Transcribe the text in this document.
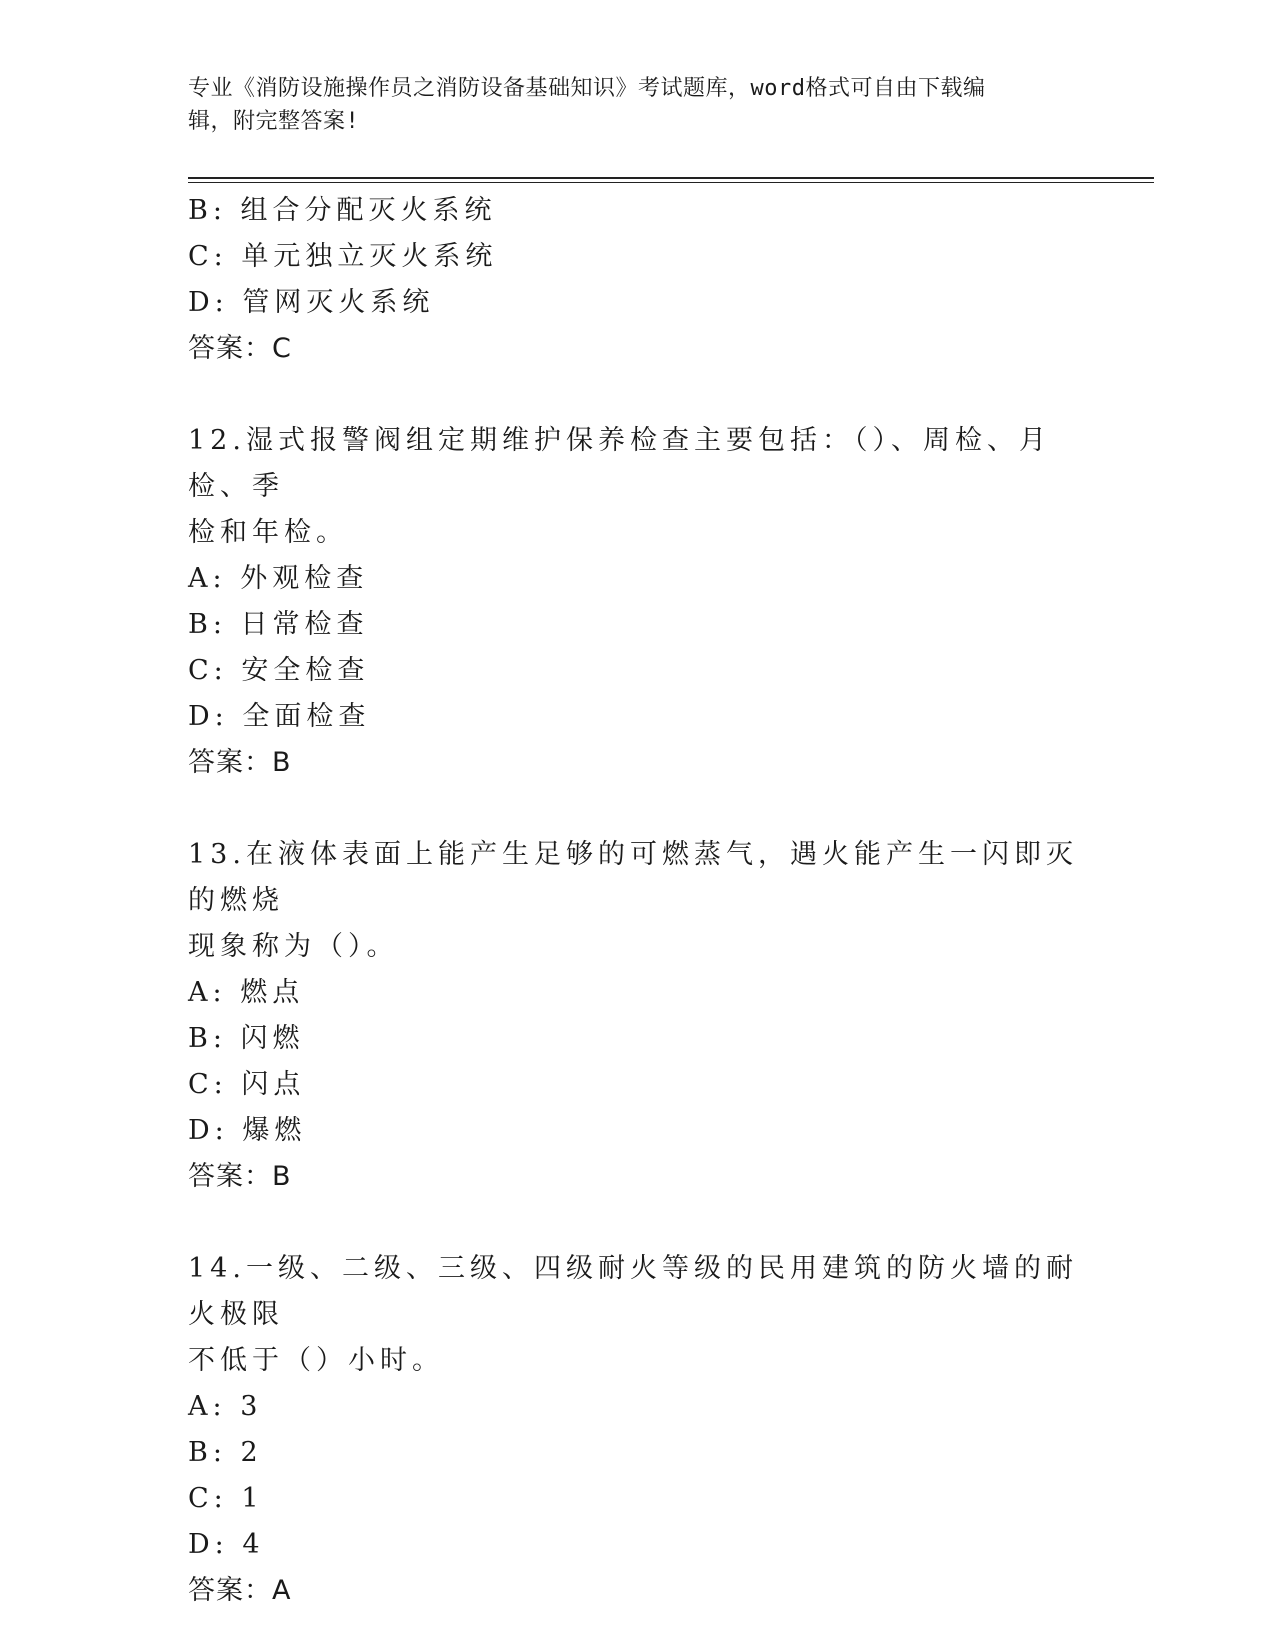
专业《消防设施操作员之消防设备基础知识》考试题库，word格式可自由下载编
辑，附完整答案!
B: 组合分配灭火系统
C: 单元独立灭火系统
D: 管网灭火系统
答案：C
12.湿式报警阀组定期维护保养检查主要包括：（）、周检、月检、季
检和年检。
A: 外观检查
B: 日常检查
C: 安全检查
D: 全面检查
答案：B
13.在液体表面上能产生足够的可燃蒸气，遇火能产生一闪即灭的燃烧
现象称为（）。
A: 燃点
B: 闪燃
C: 闪点
D: 爆燃
答案：B
14.一级、二级、三级、四级耐火等级的民用建筑的防火墙的耐火极限
不低于（）小时。
A: 3
B: 2
C: 1
D: 4
答案：A
